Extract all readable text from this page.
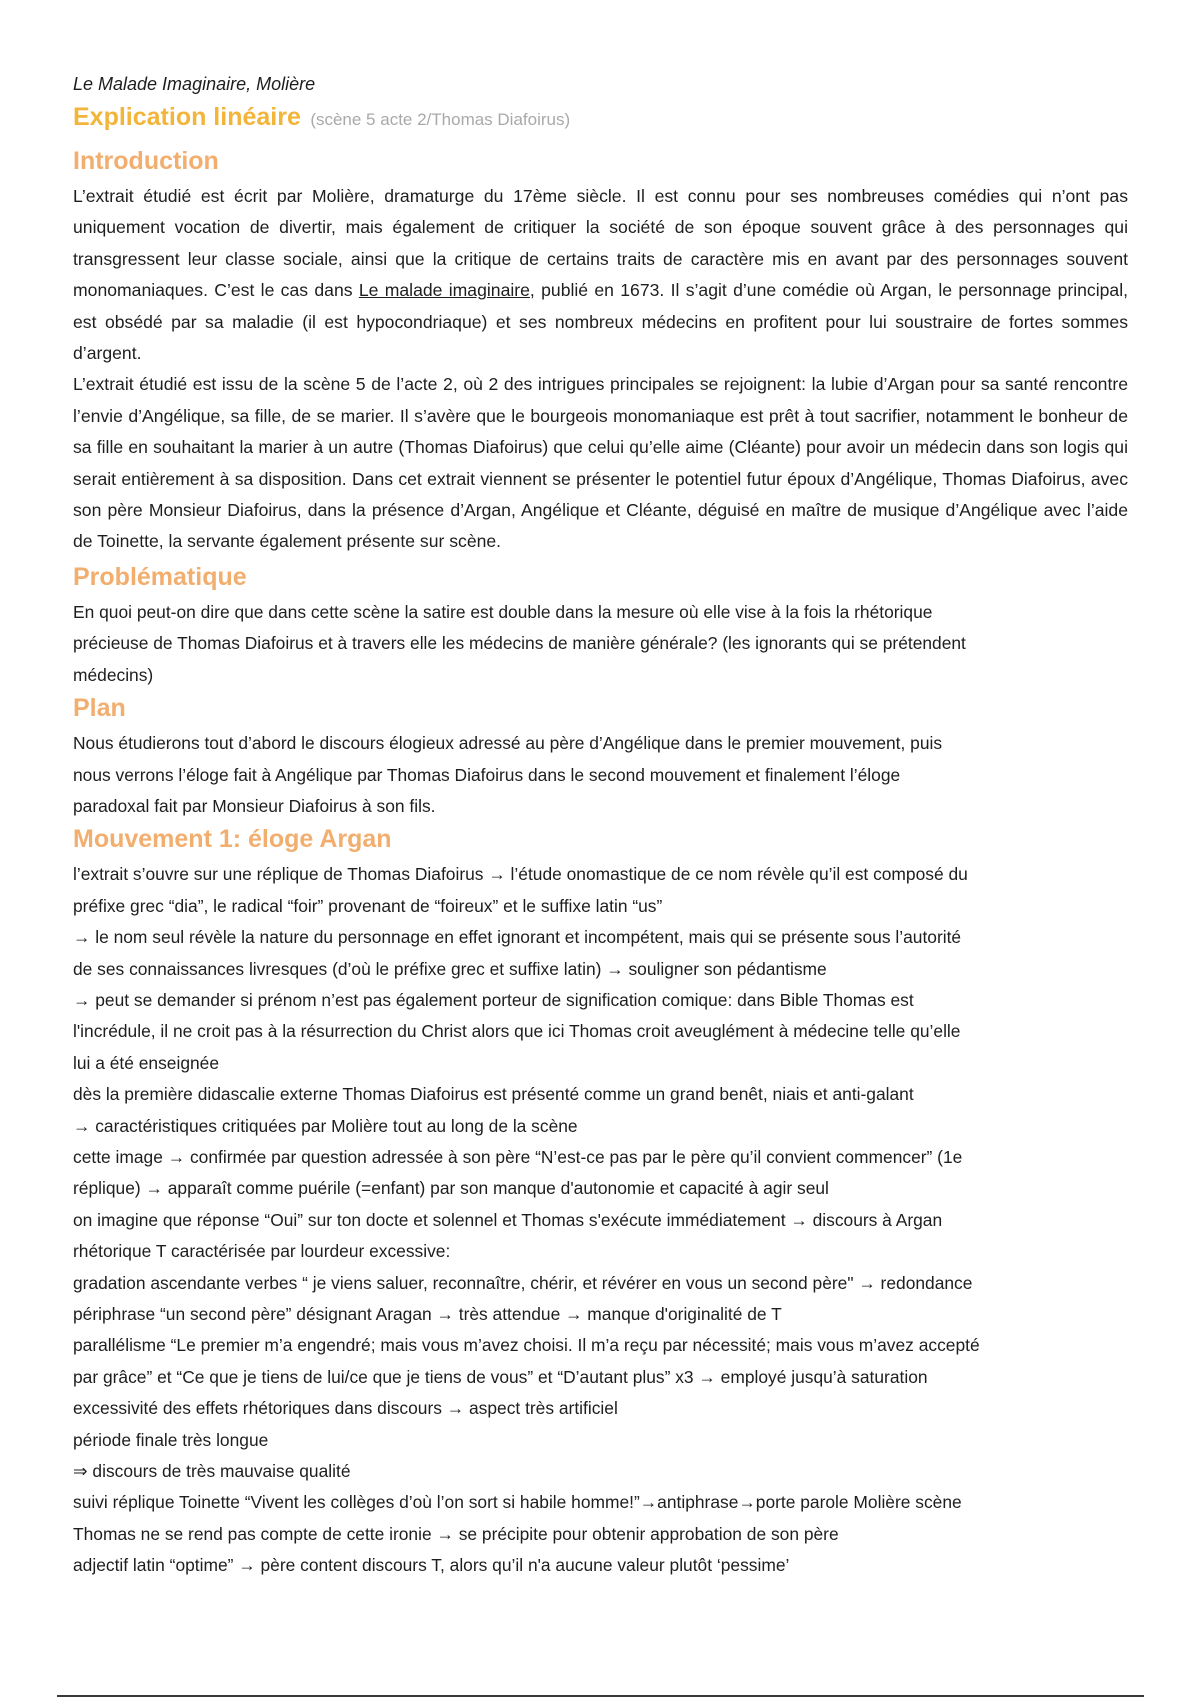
Le Malade Imaginaire, Molière
Explication linéaire (scène 5 acte 2/Thomas Diafoirus)
Introduction

L’extrait étudié est écrit par Molière, dramaturge du 17ème siècle. Il est connu pour ses nombreuses comédies qui n’ont pas uniquement vocation de divertir, mais également de critiquer la société de son époque souvent grâce à des personnages qui transgressent leur classe sociale, ainsi que la critique de certains traits de caractère mis en avant par des personnages souvent monomaniaques. C’est le cas dans Le malade imaginaire, publié en 1673. Il s’agit d’une comédie où Argan, le personnage principal, est obsédé par sa maladie (il est hypocondriaque) et ses nombreux médecins en profitent pour lui soustraire de fortes sommes d’argent.

L’extrait étudié est issu de la scène 5 de l’acte 2, où 2 des intrigues principales se rejoignent: la lubie d’Argan pour sa santé rencontre l’envie d’Angélique, sa fille, de se marier. Il s’avère que le bourgeois monomaniaque est prêt à tout sacrifier, notamment le bonheur de sa fille en souhaitant la marier à un autre (Thomas Diafoirus) que celui qu’elle aime (Cléante) pour avoir un médecin dans son logis qui serait entièrement à sa disposition. Dans cet extrait viennent se présenter le potentiel futur époux d’Angélique, Thomas Diafoirus, avec son père Monsieur Diafoirus, dans la présence d’Argan, Angélique et Cléante, déguisé en maître de musique d’Angélique avec l’aide de Toinette, la servante également présente sur scène.

Problématique
En quoi peut-on dire que dans cette scène la satire est double dans la mesure où elle vise à la fois la rhétorique
précieuse de Thomas Diafoirus et à travers elle les médecins de manière générale? (les ignorants qui se prétendent
médecins)
Plan
Nous étudierons tout d’abord le discours élogieux adressé au père d’Angélique dans le premier mouvement, puis
nous verrons l’éloge fait à Angélique par Thomas Diafoirus dans le second mouvement et finalement l’éloge
paradoxal fait par Monsieur Diafoirus à son fils.
Mouvement 1: éloge Argan
l’extrait s’ouvre sur une réplique de Thomas Diafoirus → l’étude onomastique de ce nom révèle qu’il est composé du
préfixe grec “dia”, le radical “foir” provenant de “foireux” et le suffixe latin “us”
→ le nom seul révèle la nature du personnage en effet ignorant et incompétent, mais qui se présente sous l’autorité
de ses connaissances livresques (d’où le préfixe grec et suffixe latin) → souligner son pédantisme
→ peut se demander si prénom n’est pas également porteur de signification comique: dans Bible Thomas est
l'incrédule, il ne croit pas à la résurrection du Christ alors que ici Thomas croit aveuglément à médecine telle qu’elle
lui a été enseignée
dès la première didascalie externe Thomas Diafoirus est présenté comme un grand benêt, niais et anti-galant
→ caractéristiques critiquées par Molière tout au long de la scène
cette image → confirmée par question adressée à son père “N’est-ce pas par le père qu’il convient commencer” (1e
réplique) → apparaît comme puérile (=enfant) par son manque d'autonomie et capacité à agir seul
on imagine que réponse “Oui” sur ton docte et solennel et Thomas s'exécute immédiatement → discours à Argan
rhétorique T caractérisée par lourdeur excessive:
gradation ascendante verbes “ je viens saluer, reconnaître, chérir, et révérer en vous un second père" → redondance
périphrase “un second père” désignant Aragan → très attendue → manque d'originalité de T
parallélisme “Le premier m’a engendré; mais vous m’avez choisi. Il m’a reçu par nécessité; mais vous m’avez accepté
par grâce” et “Ce que je tiens de lui/ce que je tiens de vous” et “D’autant plus” x3 → employé jusqu’à saturation
excessivité des effets rhétoriques dans discours → aspect très artificiel
période finale très longue
⇒ discours de très mauvaise qualité
suivi réplique Toinette “Vivent les collèges d’où l’on sort si habile homme!”→antiphrase→porte parole Molière scène
Thomas ne se rend pas compte de cette ironie → se précipite pour obtenir approbation de son père
adjectif latin “optime” → père content discours T, alors qu’il n'a aucune valeur plutôt ‘pessime’
